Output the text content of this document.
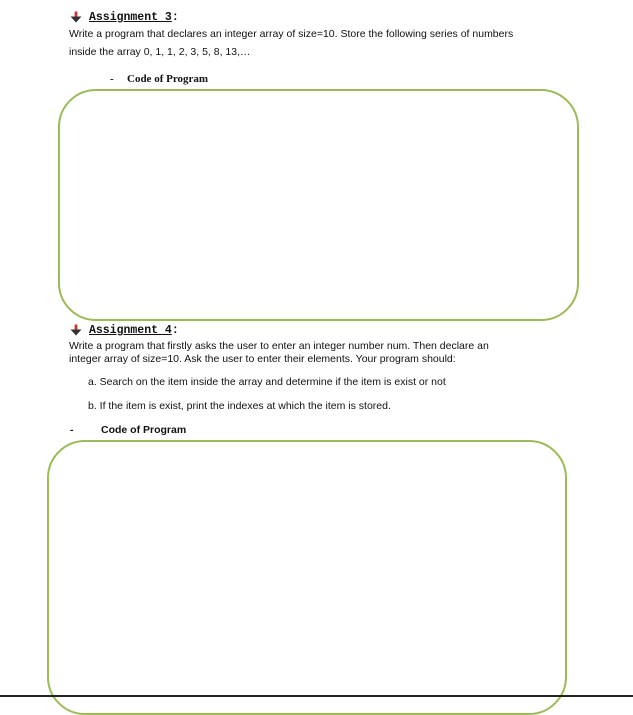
Assignment 3:
Write a program that declares an integer array of size=10. Store the following series of numbers
inside the array 0, 1, 1, 2, 3, 5, 8, 13,…
- Code of Program
Assignment 4:
Write a program that firstly asks the user to enter an integer number num. Then declare an
integer array of size=10. Ask the user to enter their elements. Your program should:
a. Search on the item inside the array and determine if the item is exist or not
b. If the item is exist, print the indexes at which the item is stored.
-	Code of Program
